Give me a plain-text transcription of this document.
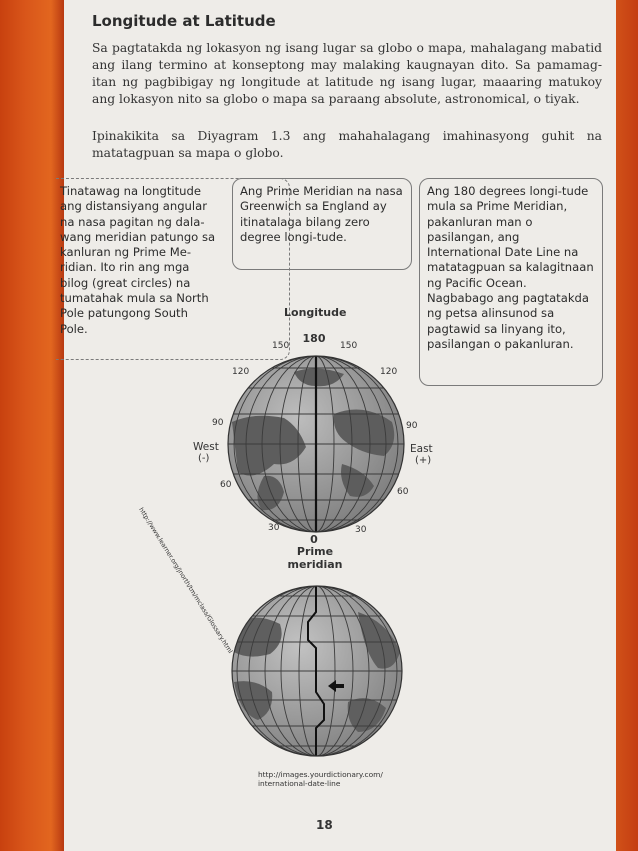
Longitude at Latitude
Sa pagtatakda ng lokasyon ng isang lugar sa globo o mapa, mahalagang mabatid ang ilang termino at konseptong may malaking kaugnayan dito. Sa pamamag-itan ng pagbibigay ng longitude at latitude ng isang lugar, maaaring matukoy ang lokasyon nito sa globo o mapa sa paraang absolute, astronomical, o tiyak.
Ipinakikita sa Diyagram 1.3 ang mahahalagang imahinasyong guhit na matatagpuan sa mapa o globo.
Tinatawag na longtitude ang distansiyang angular na nasa pagitan ng dala-wang meridian patungo sa kanluran ng Prime Me-ridian. Ito rin ang mga bilog (great circles) na tumatahak mula sa North Pole patungong South Pole.
Ang Prime Meridian na nasa Greenwich sa England ay itinatalaga bilang zero degree longi-tude.
Ang 180 degrees longi-tude mula sa Prime Meridian, pakanluran man o pasilangan, ang International Date Line na matatagpuan sa kalagitnaan ng Pacific Ocean. Nagbabago ang pagtatakda ng petsa alinsunod sa pagtawid sa linyang ito, pasilangan o pakanluran.
Longitude
180
150	150
120	120
90	90
60
60
30	30
0
Prime
meridian
West
(-)
East
(+)
http://www.learner.org/jnorth/tm/mclass/Glossary.html
http://images.yourdictionary.com/
international-date-line
18
